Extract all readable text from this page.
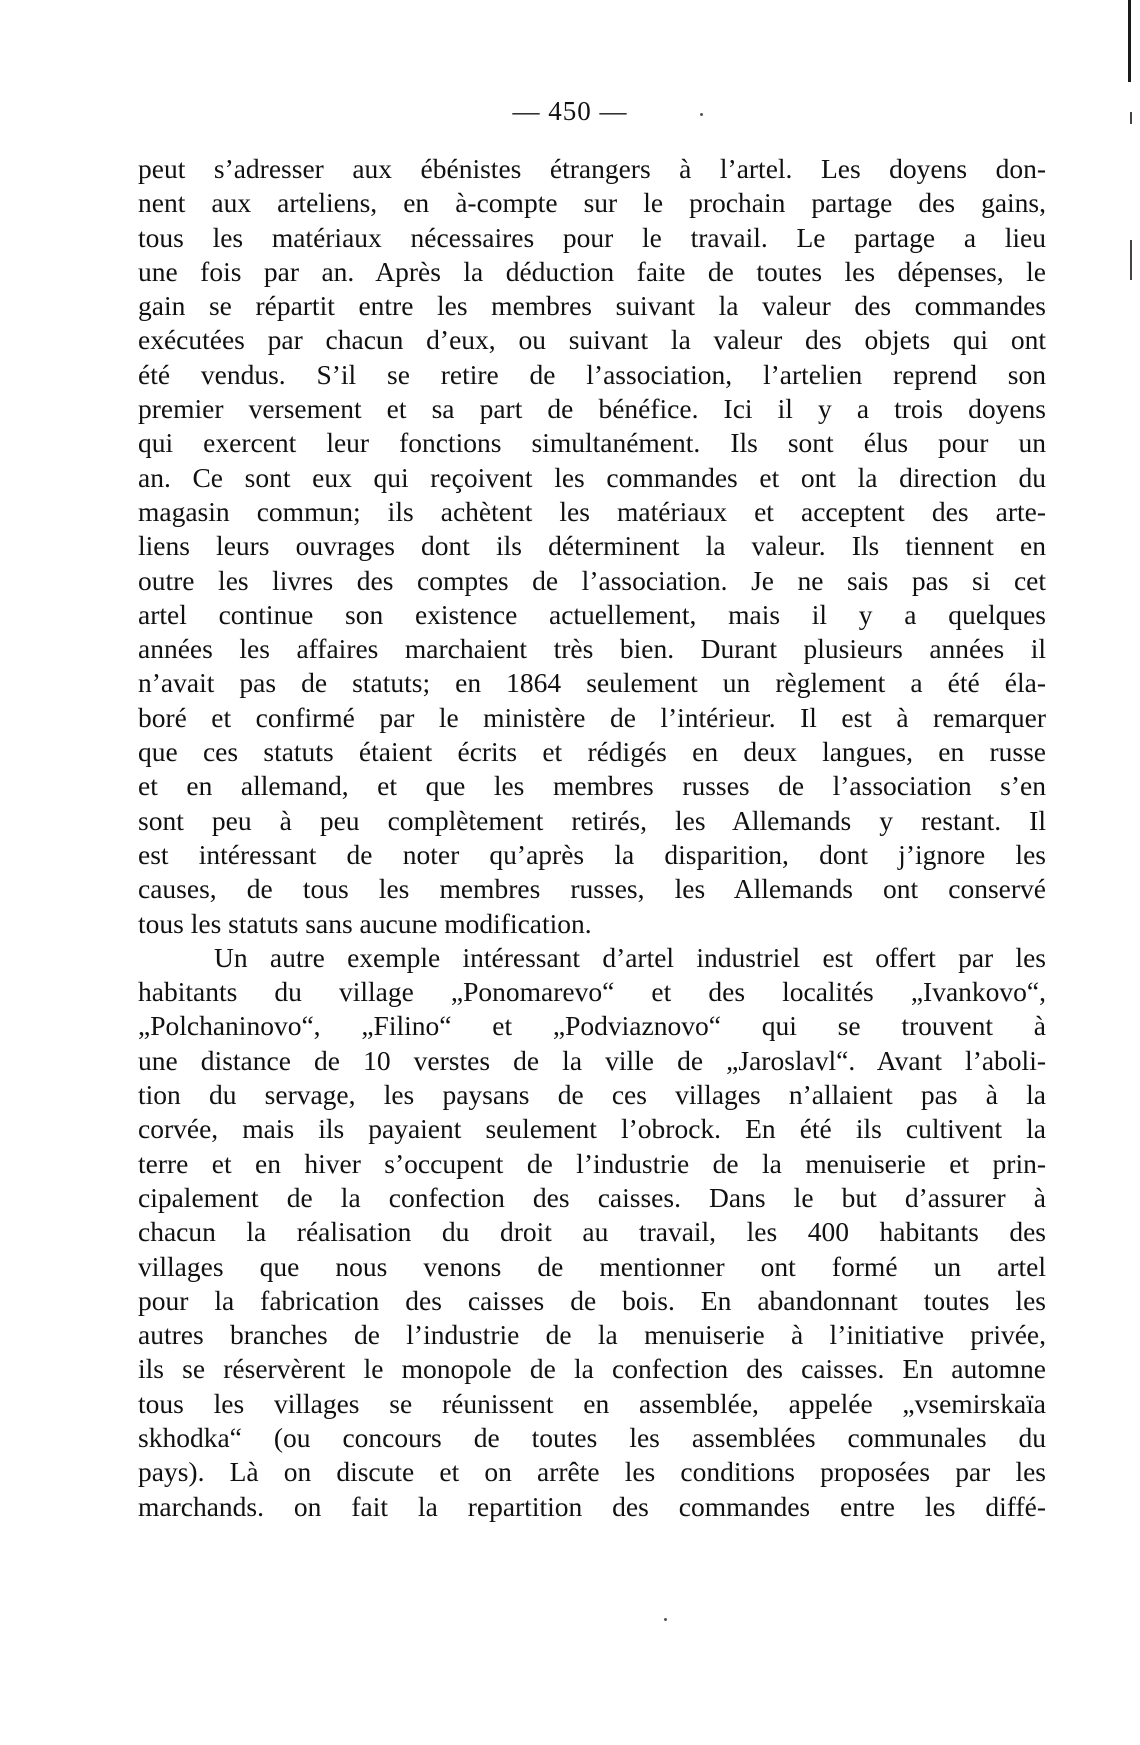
— 450 —
peut s’adresser aux ébénistes étrangers à l’artel. Les doyens don-
nent aux arteliens, en à-compte sur le prochain partage des gains,
tous les matériaux nécessaires pour le travail. Le partage a lieu
une fois par an. Après la déduction faite de toutes les dépenses, le
gain se répartit entre les membres suivant la valeur des commandes
exécutées par chacun d’eux, ou suivant la valeur des objets qui ont
été vendus. S’il se retire de l’association, l’artelien reprend son
premier versement et sa part de bénéfice. Ici il y a trois doyens
qui exercent leur fonctions simultanément. Ils sont élus pour un
an. Ce sont eux qui reçoivent les commandes et ont la direction du
magasin commun; ils achètent les matériaux et acceptent des arte-
liens leurs ouvrages dont ils déterminent la valeur. Ils tiennent en
outre les livres des comptes de l’association. Je ne sais pas si cet
artel continue son existence actuellement, mais il y a quelques
années les affaires marchaient très bien. Durant plusieurs années il
n’avait pas de statuts; en 1864 seulement un règlement a été éla-
boré et confirmé par le ministère de l’intérieur. Il est à remarquer
que ces statuts étaient écrits et rédigés en deux langues, en russe
et en allemand, et que les membres russes de l’association s’en
sont peu à peu complètement retirés, les Allemands y restant. Il
est intéressant de noter qu’après la disparition, dont j’ignore les
causes, de tous les membres russes, les Allemands ont conservé
tous les statuts sans aucune modification.
Un autre exemple intéressant d’artel industriel est offert par les
habitants du village „Ponomarevo“ et des localités „Ivankovo“,
„Polchaninovo“, „Filino“ et „Podviaznovo“ qui se trouvent à
une distance de 10 verstes de la ville de „Jaroslavl“. Avant l’aboli-
tion du servage, les paysans de ces villages n’allaient pas à la
corvée, mais ils payaient seulement l’obrock. En été ils cultivent la
terre et en hiver s’occupent de l’industrie de la menuiserie et prin-
cipalement de la confection des caisses. Dans le but d’assurer à
chacun la réalisation du droit au travail, les 400 habitants des
villages que nous venons de mentionner ont formé un artel
pour la fabrication des caisses de bois. En abandonnant toutes les
autres branches de l’industrie de la menuiserie à l’initiative privée,
ils se réservèrent le monopole de la confection des caisses. En automne
tous les villages se réunissent en assemblée, appelée „vsemirskaïa
skhodka“ (ou concours de toutes les assemblées communales du
pays). Là on discute et on arrête les conditions proposées par les
marchands. on fait la repartition des commandes entre les diffé-
